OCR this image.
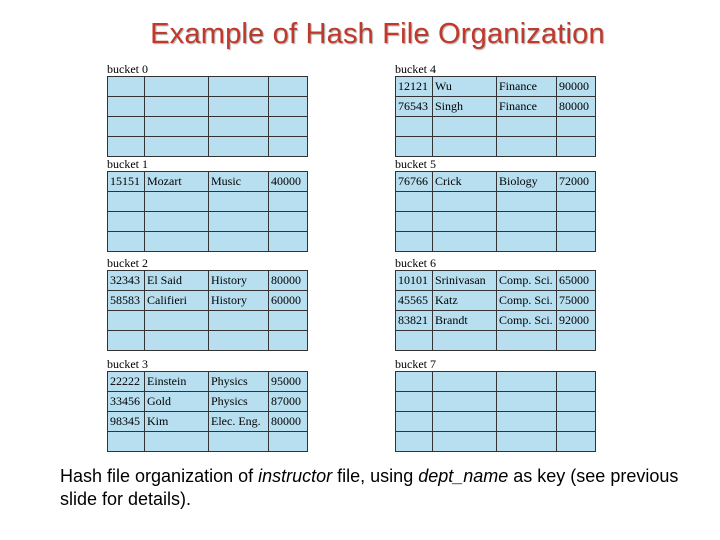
Example of Hash File Organization
bucket 0

bucket 1
15151	Mozart	Music	40000

bucket 2
32343	El Said	History	80000
58583	Califieri	History	60000

bucket 3
22222	Einstein	Physics	95000
33456	Gold	Physics	87000
98345	Kim	Elec. Eng.	80000

bucket 4
12121	Wu	Finance	90000
76543	Singh	Finance	80000

bucket 5
76766	Crick	Biology	72000

bucket 6
10101	Srinivasan	Comp. Sci.	65000
45565	Katz	Comp. Sci.	75000
83821	Brandt	Comp. Sci.	92000

bucket 7

Hash file organization of instructor file, using dept_name as key (see previous slide for details).
